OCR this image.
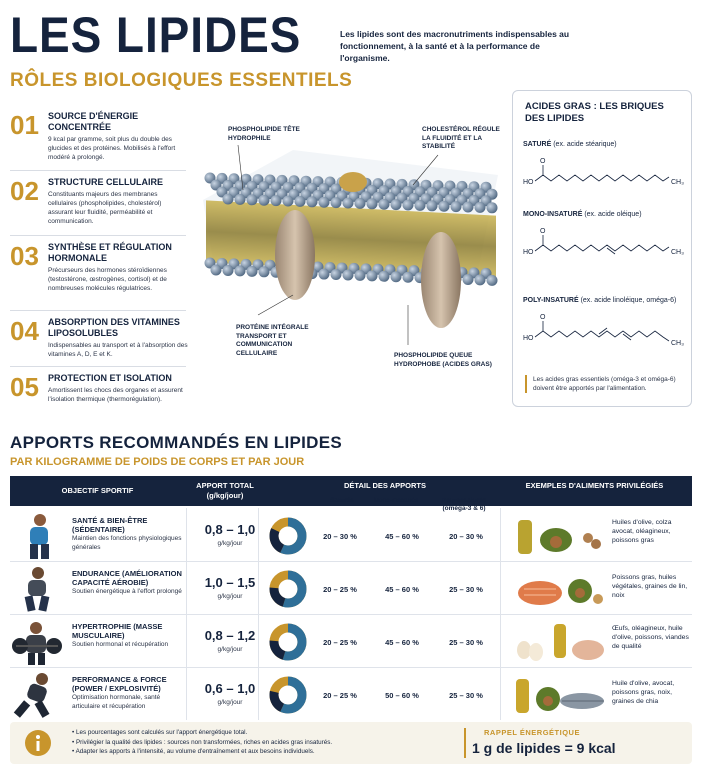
LES LIPIDES
RÔLES BIOLOGIQUES ESSENTIELS
Les lipides sont des macronutriments indispensables au fonctionnement, à la santé et à la performance de l'organisme.
01 SOURCE D'ÉNERGIE CONCENTRÉE
9 kcal par gramme, soit plus du double des glucides et des protéines. Mobilisés à l'effort modéré à prolongé.
02 STRUCTURE CELLULAIRE
Constituants majeurs des membranes cellulaires (phospholipides, cholestérol) assurant leur fluidité, perméabilité et communication.
03 SYNTHÈSE ET RÉGULATION HORMONALE
Précurseurs des hormones stéroïdiennes (testostérone, œstrogènes, cortisol) et de nombreuses molécules régulatrices.
04 ABSORPTION DES VITAMINES LIPOSOLUBLES
Indispensables au transport et à l'absorption des vitamines A, D, E et K.
05 PROTECTION ET ISOLATION
Amortissent les chocs des organes et assurent l'isolation thermique (thermorégulation).
PHOSPHOLIPIDE TÊTE HYDROPHILE
CHOLESTÉROL RÉGULE LA FLUIDITÉ ET LA STABILITÉ
PROTÉINE INTÉGRALE TRANSPORT ET COMMUNICATION CELLULAIRE	PHOSPHOLIPIDE QUEUE HYDROPHOBE (ACIDES GRAS)
ACIDES GRAS : LES BRIQUES DES LIPIDES
SATURÉ (ex. acide stéarique)
O
HO	CH₃
MONO-INSATURÉ (ex. acide oléique)
O
HO	CH₃
POLY-INSATURÉ (ex. acide linoléique, oméga-6)
O
HO
CH₃
Les acides gras essentiels (oméga-3 et oméga-6) doivent être apportés par l'alimentation.
APPORTS RECOMMANDÉS EN LIPIDES
PAR KILOGRAMME DE POIDS DE CORPS ET PAR JOUR
OBJECTIF SPORTIF
APPORT TOTAL (g/kg/jour)
DÉTAIL DES APPORTS	EXEMPLES D'ALIMENTS PRIVILÉGIÉS
Saturés	Mono-insaturés	Poly-insaturés (oméga-3 & 6)
SANTÉ & BIEN-ÊTRE (SÉDENTAIRE)
Maintien des fonctions physiologiques générales
0,8 – 1,0
g/kg/jour
20 – 30 %	45 – 60 %	20 – 30 %
Huiles d'olive, colza avocat, oléagineux, poissons gras
ENDURANCE (AMÉLIORATION CAPACITÉ AÉROBIE)
Soutien énergétique à l'effort prolongé
1,0 – 1,5
g/kg/jour
20 – 25 %	45 – 60 %	25 – 30 %
Poissons gras, huiles végétales, graines de lin, noix
HYPERTROPHIE (MASSE MUSCULAIRE)
Soutien hormonal et récupération
0,8 – 1,2
g/kg/jour
20 – 25 %	45 – 60 %	25 – 30 %
Œufs, oléagineux, huile d'olive, poissons, viandes de qualité
PERFORMANCE & FORCE (POWER / EXPLOSIVITÉ)
Optimisation hormonale, santé articulaire et récupération
0,6 – 1,0
g/kg/jour
20 – 25 %	50 – 60 %	25 – 30 %
Huile d'olive, avocat, poissons gras, noix, graines de chia
• Les pourcentages sont calculés sur l'apport énergétique total.
• Privilégier la qualité des lipides : sources non transformées, riches en acides gras insaturés.
• Adapter les apports à l'intensité, au volume d'entraînement et aux besoins individuels.
RAPPEL ÉNERGÉTIQUE
1 g de lipides = 9 kcal
